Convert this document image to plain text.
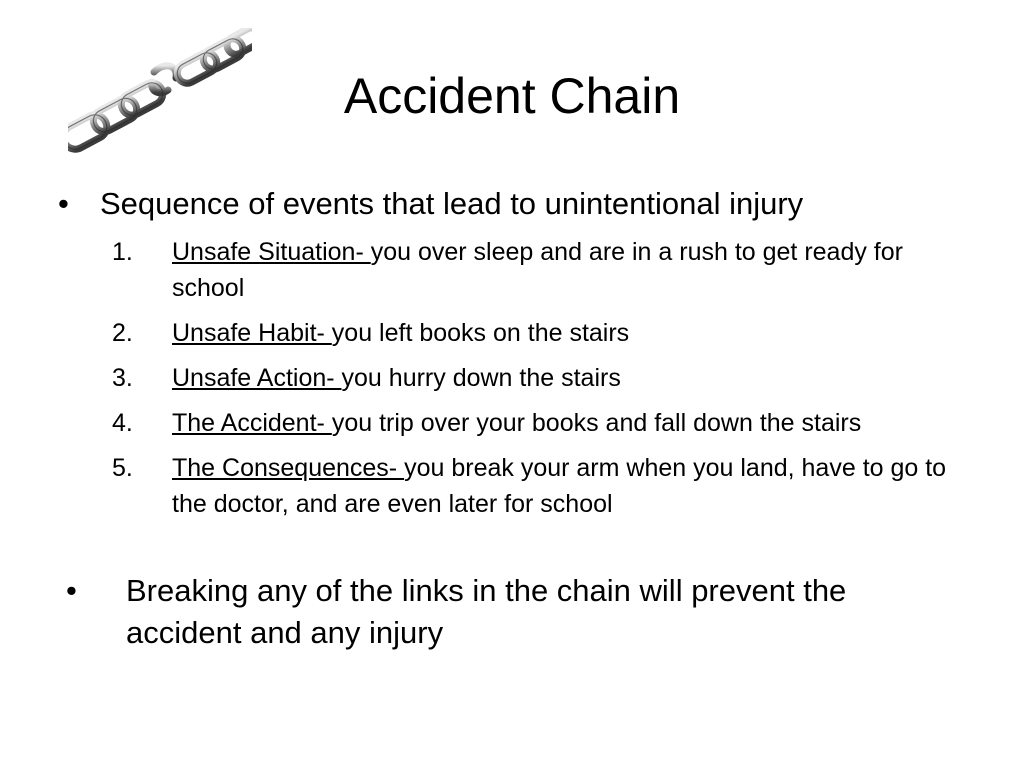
Accident Chain
•	Sequence of events that lead to unintentional injury
1.	Unsafe Situation- you over sleep and are in a rush to get ready for school
2.	Unsafe Habit- you left books on the stairs
3.	Unsafe Action- you hurry down the stairs
4.	The Accident- you trip over your books and fall down the stairs
5.	The Consequences- you break your arm when you land, have to go to the doctor, and are even later for school
• Breaking any of the links in the chain will prevent the accident and any injury
